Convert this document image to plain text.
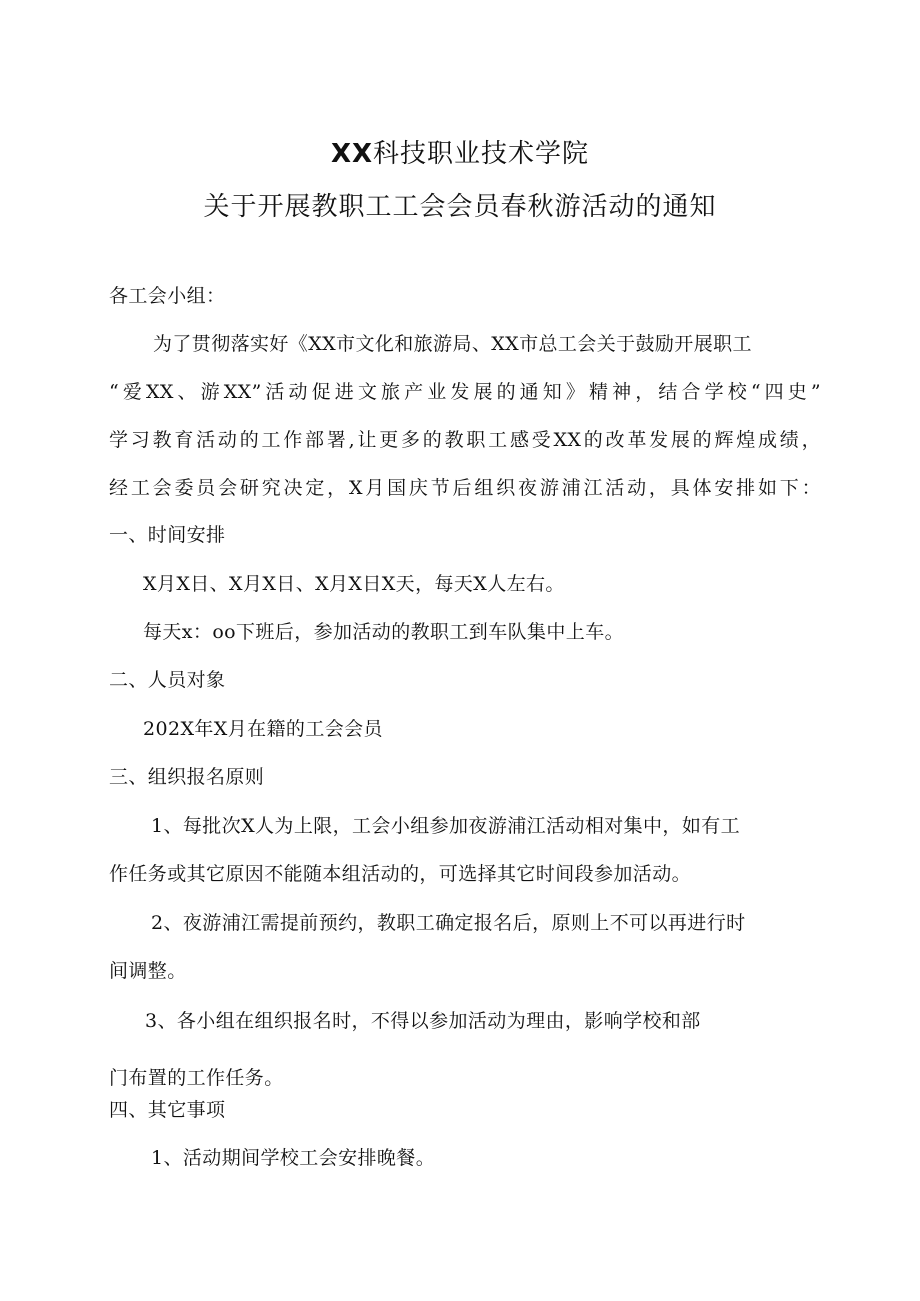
XX科技职业技术学院
关于开展教职工工会会员春秋游活动的通知
各工会小组：
为了贯彻落实好《XX市文化和旅游局、XX市总工会关于鼓励开展职工
“爱XX、游XX”活动促进文旅产业发展的通知》精神，结合学校“四史”
学习教育活动的工作部署,让更多的教职工感受XX的改革发展的辉煌成绩，
经工会委员会研究决定，X月国庆节后组织夜游浦江活动，具体安排如下：
一、时间安排
X月X日、X月X日、X月X日X天，每天X人左右。
每天x：oo下班后，参加活动的教职工到车队集中上车。
二、人员对象
202X年X月在籍的工会会员
三、组织报名原则
1、每批次X人为上限，工会小组参加夜游浦江活动相对集中，如有工
作任务或其它原因不能随本组活动的，可选择其它时间段参加活动。
2、夜游浦江需提前预约，教职工确定报名后，原则上不可以再进行时
间调整。
3、各小组在组织报名时，不得以参加活动为理由，影响学校和部
门布置的工作任务。
四、其它事项
1、活动期间学校工会安排晚餐。
